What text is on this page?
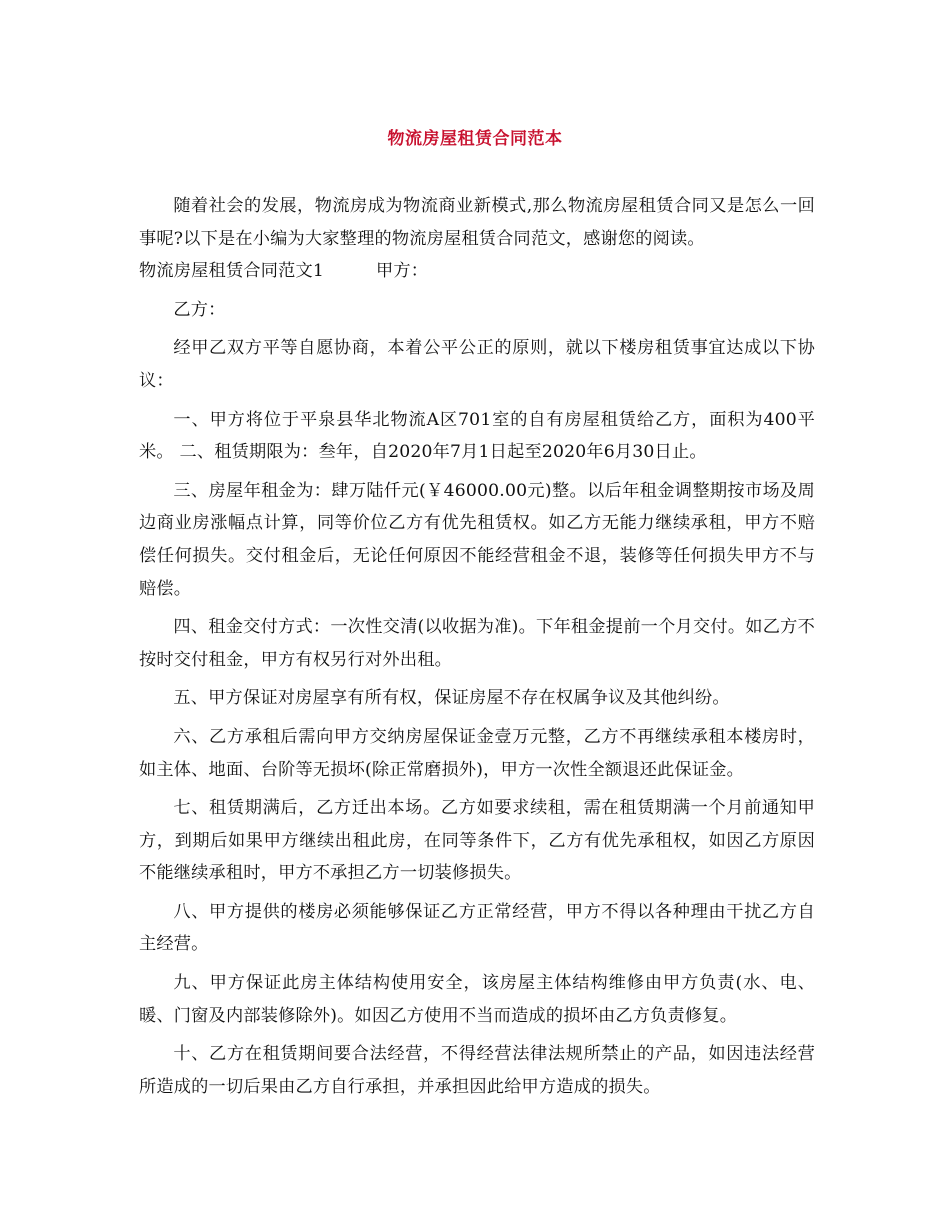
物流房屋租赁合同范本

随着社会的发展，物流房成为物流商业新模式,那么物流房屋租赁合同又是怎么一回事呢?以下是在小编为大家整理的物流房屋租赁合同范文，感谢您的阅读。

物流房屋租赁合同范文1	甲方：

乙方：

经甲乙双方平等自愿协商，本着公平公正的原则，就以下楼房租赁事宜达成以下协议：

一、甲方将位于平泉县华北物流A区701室的自有房屋租赁给乙方，面积为400平米。 二、租赁期限为：叁年，自2020年7月1日起至2020年6月30日止。

三、房屋年租金为：肆万陆仟元(￥46000.00元)整。以后年租金调整期按市场及周边商业房涨幅点计算，同等价位乙方有优先租赁权。如乙方无能力继续承租，甲方不赔偿任何损失。交付租金后，无论任何原因不能经营租金不退，装修等任何损失甲方不与赔偿。

四、租金交付方式：一次性交清(以收据为准)。下年租金提前一个月交付。如乙方不按时交付租金，甲方有权另行对外出租。

五、甲方保证对房屋享有所有权，保证房屋不存在权属争议及其他纠纷。

六、乙方承租后需向甲方交纳房屋保证金壹万元整，乙方不再继续承租本楼房时，如主体、地面、台阶等无损坏(除正常磨损外)，甲方一次性全额退还此保证金。

七、租赁期满后，乙方迁出本场。乙方如要求续租，需在租赁期满一个月前通知甲方，到期后如果甲方继续出租此房，在同等条件下，乙方有优先承租权，如因乙方原因不能继续承租时，甲方不承担乙方一切装修损失。

八、甲方提供的楼房必须能够保证乙方正常经营，甲方不得以各种理由干扰乙方自主经营。

九、甲方保证此房主体结构使用安全，该房屋主体结构维修由甲方负责(水、电、暖、门窗及内部装修除外)。如因乙方使用不当而造成的损坏由乙方负责修复。

十、乙方在租赁期间要合法经营，不得经营法律法规所禁止的产品，如因违法经营所造成的一切后果由乙方自行承担，并承担因此给甲方造成的损失。
